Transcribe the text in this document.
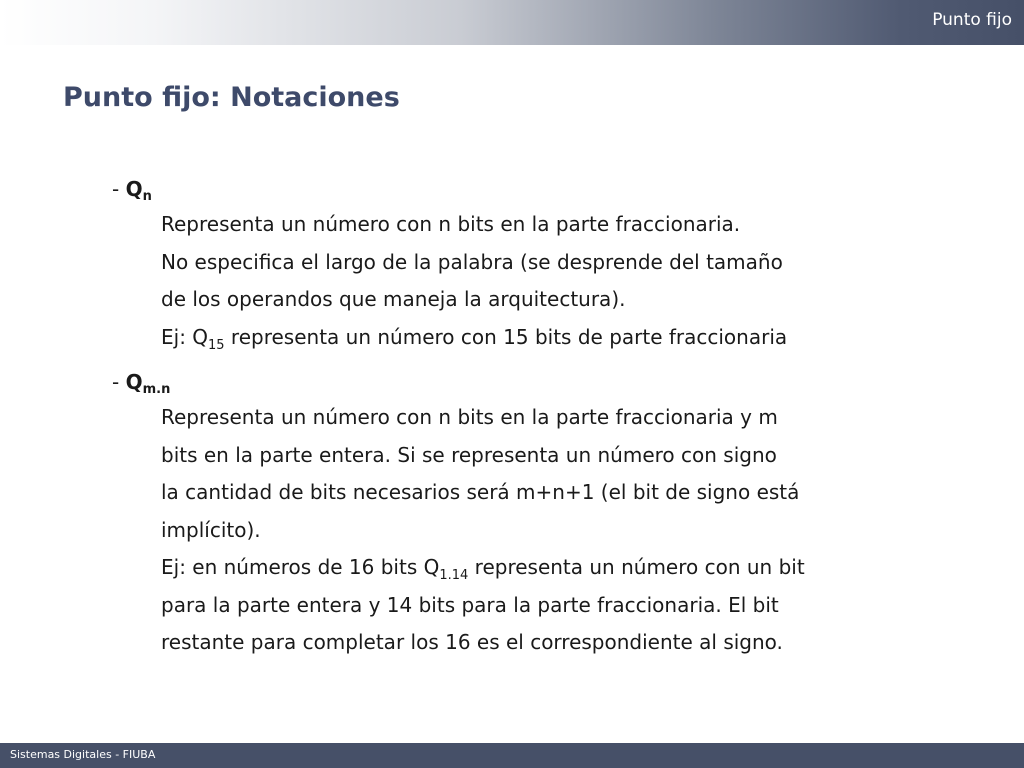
Punto fijo
Punto fijo: Notaciones
- $Q_n$
Representa un número con n bits en la parte fraccionaria.
No especifica el largo de la palabra (se desprende del tamaño
de los operandos que maneja la arquitectura).
Ej: $Q_{15}$ representa un número con 15 bits de parte fraccionaria
- $Q_{m.n}$
Representa un número con n bits en la parte fraccionaria y m
bits en la parte entera. Si se representa un número con signo
la cantidad de bits necesarios será m+n+1 (el bit de signo está
implícito).
Ej: en números de 16 bits $Q_{1.14}$ representa un número con un bit
para la parte entera y 14 bits para la parte fraccionaria. El bit
restante para completar los 16 es el correspondiente al signo.
Sistemas Digitales - FIUBA
